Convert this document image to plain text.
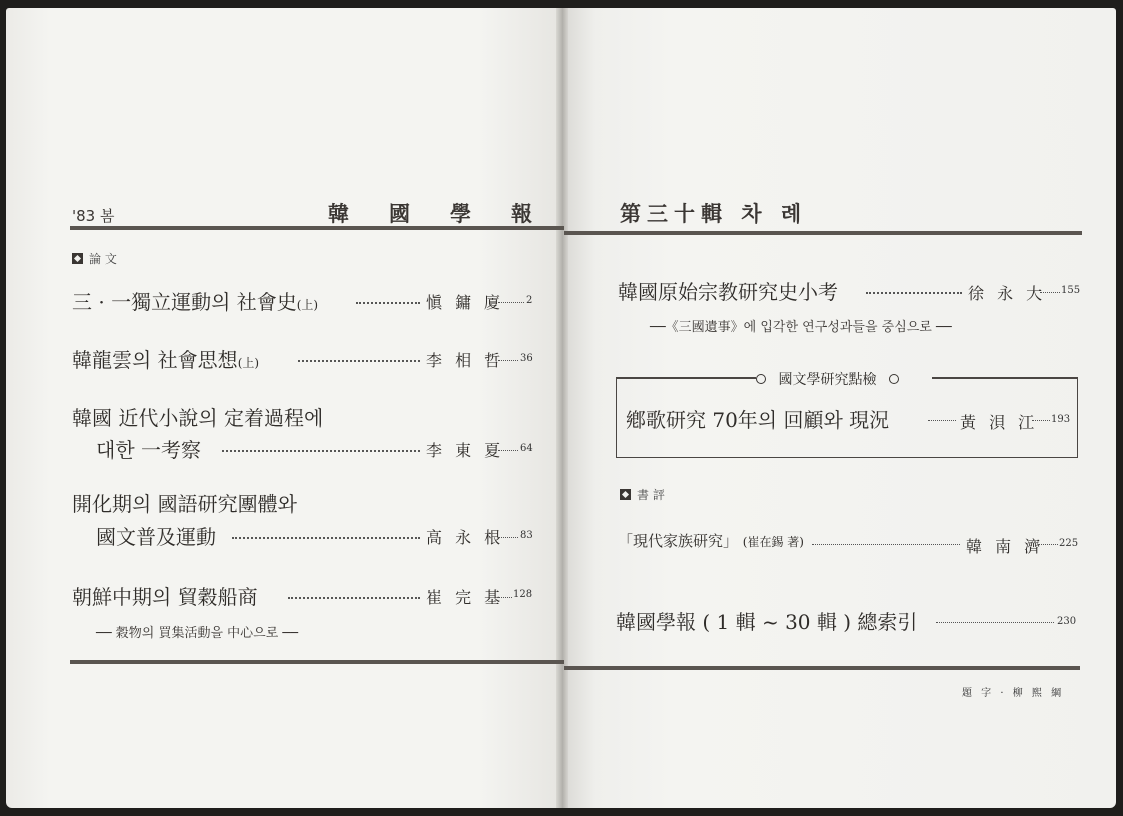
'83 봄	韓國學報 第三十輯 차 례
論 文
三 · 一獨立運動의 社會史(上)	愼 鏞 廈 2
韓龍雲의 社會思想(上)	李 相 哲 36
韓國 近代小說의 定着過程에
대한 一考察	李 東 夏 64
開化期의 國語研究團體와
國文普及運動	高 永 根 83
朝鮮中期의 貿穀船商	崔 完 基 128
── 穀物의 買集活動을 中心으로 ──
韓國原始宗教研究史小考	徐 永 大 155
──《三國遺事》에 입각한 연구성과들을 중심으로 ──
國文學研究點檢
鄕歌研究 70年의 回顧와 現況	黃 浿 江 193
書 評
「現代家族研究」 (崔在錫 著)	韓 南 濟 225
韓國學報 ( 1 輯 ~ 30 輯 ) 總索引	230
題 字 · 柳 熙 綱
